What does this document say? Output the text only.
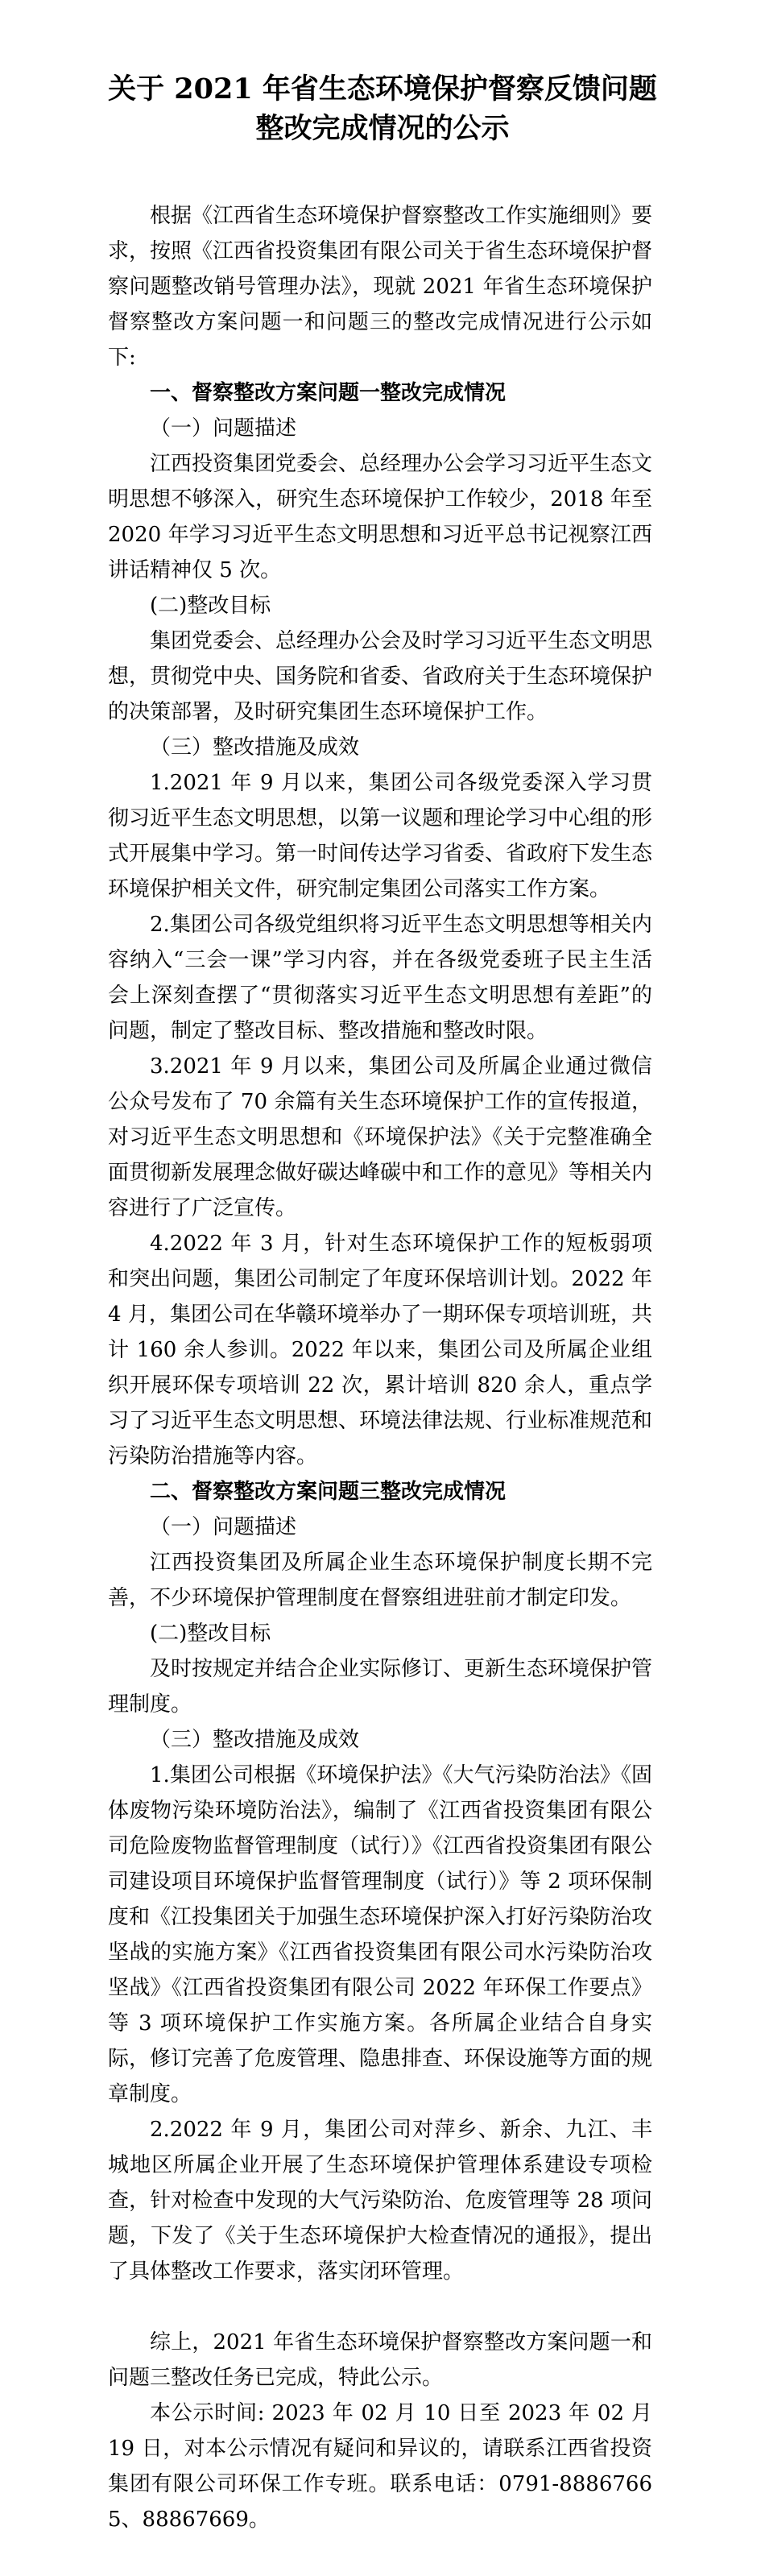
关于 2021 年省生态环境保护督察反馈问题
整改完成情况的公示

根据《江西省生态环境保护督察整改工作实施细则》要求，按照《江西省投资集团有限公司关于省生态环境保护督察问题整改销号管理办法》，现就 2021 年省生态环境保护督察整改方案问题一和问题三的整改完成情况进行公示如下:

一、督察整改方案问题一整改完成情况

（一）问题描述

江西投资集团党委会、总经理办公会学习习近平生态文明思想不够深入，研究生态环境保护工作较少，2018 年至 2020 年学习习近平生态文明思想和习近平总书记视察江西讲话精神仅 5 次。

(二)整改目标

集团党委会、总经理办公会及时学习习近平生态文明思想，贯彻党中央、国务院和省委、省政府关于生态环境保护的决策部署，及时研究集团生态环境保护工作。

（三）整改措施及成效

1.2021 年 9 月以来，集团公司各级党委深入学习贯彻习近平生态文明思想，以第一议题和理论学习中心组的形式开展集中学习。第一时间传达学习省委、省政府下发生态环境保护相关文件，研究制定集团公司落实工作方案。

2.集团公司各级党组织将习近平生态文明思想等相关内容纳入“三会一课”学习内容，并在各级党委班子民主生活会上深刻查摆了“贯彻落实习近平生态文明思想有差距”的问题，制定了整改目标、整改措施和整改时限。

3.2021 年 9 月以来，集团公司及所属企业通过微信公众号发布了 70 余篇有关生态环境保护工作的宣传报道，对习近平生态文明思想和《环境保护法》《关于完整准确全面贯彻新发展理念做好碳达峰碳中和工作的意见》等相关内容进行了广泛宣传。

4.2022 年 3 月，针对生态环境保护工作的短板弱项和突出问题，集团公司制定了年度环保培训计划。2022 年 4 月，集团公司在华赣环境举办了一期环保专项培训班，共计 160 余人参训。2022 年以来，集团公司及所属企业组织开展环保专项培训 22 次，累计培训 820 余人，重点学习了习近平生态文明思想、环境法律法规、行业标准规范和污染防治措施等内容。

二、督察整改方案问题三整改完成情况

（一）问题描述

江西投资集团及所属企业生态环境保护制度长期不完善，不少环境保护管理制度在督察组进驻前才制定印发。

(二)整改目标

及时按规定并结合企业实际修订、更新生态环境保护管理制度。

（三）整改措施及成效

1.集团公司根据《环境保护法》《大气污染防治法》《固体废物污染环境防治法》，编制了《江西省投资集团有限公司危险废物监督管理制度（试行）》《江西省投资集团有限公司建设项目环境保护监督管理制度（试行）》等 2 项环保制度和《江投集团关于加强生态环境保护深入打好污染防治攻坚战的实施方案》《江西省投资集团有限公司水污染防治攻坚战》《江西省投资集团有限公司 2022 年环保工作要点》等 3 项环境保护工作实施方案。各所属企业结合自身实际，修订完善了危废管理、隐患排查、环保设施等方面的规章制度。

2.2022 年 9 月，集团公司对萍乡、新余、九江、丰城地区所属企业开展了生态环境保护管理体系建设专项检查，针对检查中发现的大气污染防治、危废管理等 28 项问题，下发了《关于生态环境保护大检查情况的通报》，提出了具体整改工作要求，落实闭环管理。

综上，2021 年省生态环境保护督察整改方案问题一和问题三整改任务已完成，特此公示。

本公示时间: 2023 年 02 月 10 日至 2023 年 02 月 19 日，对本公示情况有疑问和异议的，请联系江西省投资集团有限公司环保工作专班。联系电话：0791-88867665、88867669。
